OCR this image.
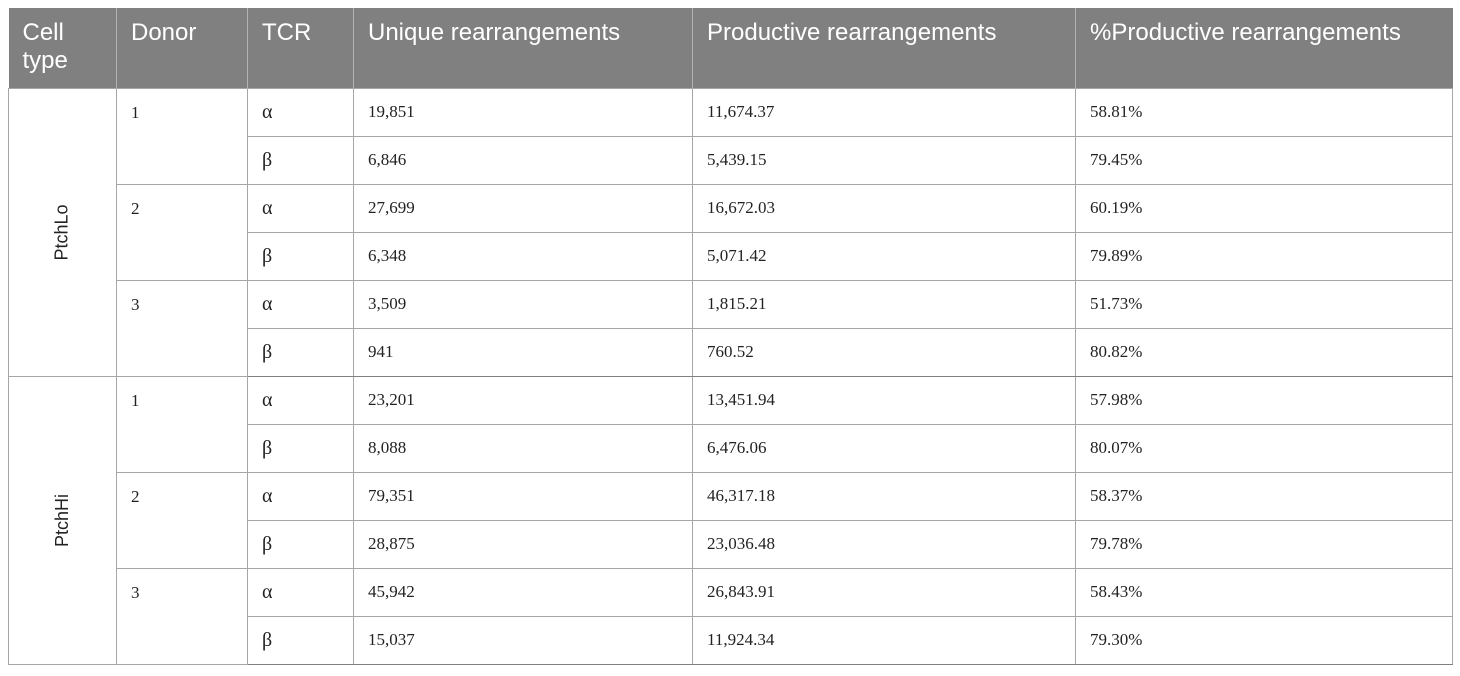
Cell type	Donor	TCR	Unique rearrangements	Productive rearrangements	%Productive rearrangements
PtchLo	1	α	19,851	11,674.37	58.81%
		β	6,846	5,439.15	79.45%
	2	α	27,699	16,672.03	60.19%
		β	6,348	5,071.42	79.89%
	3	α	3,509	1,815.21	51.73%
		β	941	760.52	80.82%
PtchHi	1	α	23,201	13,451.94	57.98%
		β	8,088	6,476.06	80.07%
	2	α	79,351	46,317.18	58.37%
		β	28,875	23,036.48	79.78%
	3	α	45,942	26,843.91	58.43%
		β	15,037	11,924.34	79.30%
